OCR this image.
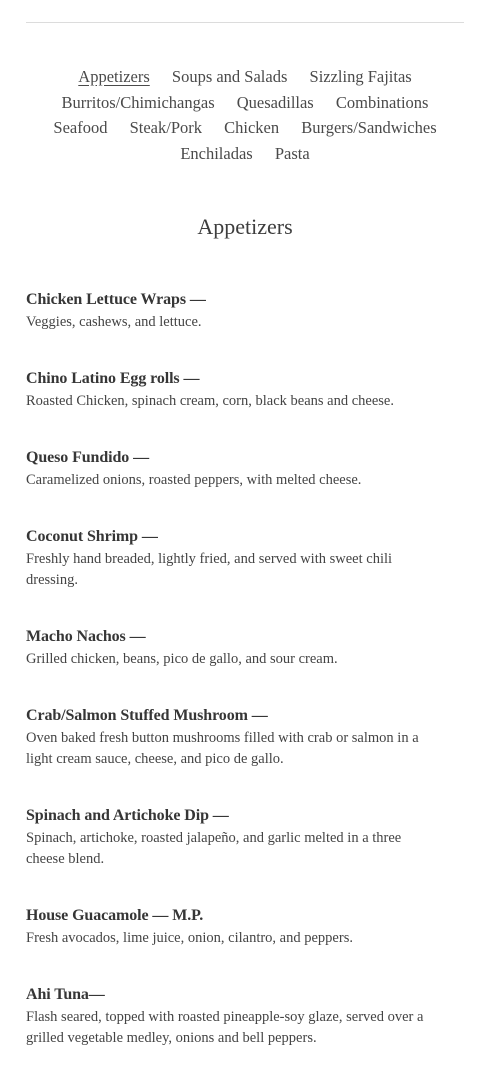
Appetizers Soups and Salads Sizzling Fajitas
Burritos/Chimichangas Quesadillas Combinations
Seafood Steak/Pork Chicken Burgers/Sandwiches
Enchiladas Pasta
Appetizers
Chicken Lettuce Wraps —
Veggies, cashews, and lettuce.
Chino Latino Egg rolls —
Roasted Chicken, spinach cream, corn, black beans and cheese.
Queso Fundido —
Caramelized onions, roasted peppers, with melted cheese.
Coconut Shrimp —
Freshly hand breaded, lightly fried, and served with sweet chili dressing.
Macho Nachos —
Grilled chicken, beans, pico de gallo, and sour cream.
Crab/Salmon Stuffed Mushroom —
Oven baked fresh button mushrooms filled with crab or salmon in a light cream sauce, cheese, and pico de gallo.
Spinach and Artichoke Dip —
Spinach, artichoke, roasted jalapeño, and garlic melted in a three cheese blend.
House Guacamole — M.P.
Fresh avocados, lime juice, onion, cilantro, and peppers.
Ahi Tuna—
Flash seared, topped with roasted pineapple-soy glaze, served over a grilled vegetable medley, onions and bell peppers.
